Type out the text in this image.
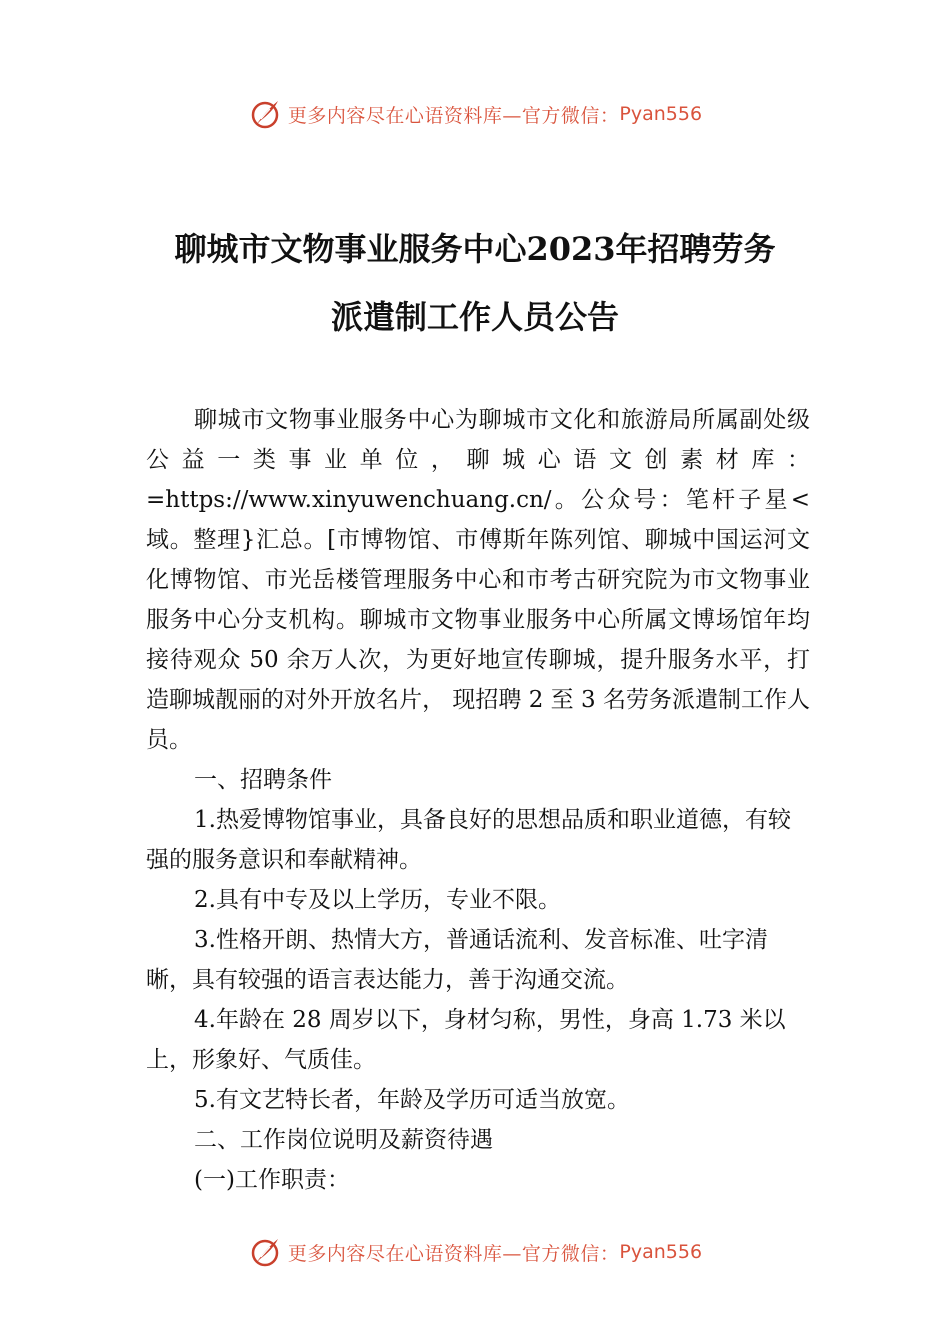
更多内容尽在心语资料库—官方微信： Pyan556
聊城市文物事业服务中心2023年招聘劳务
派遣制工作人员公告

聊城市文物事业服务中心为聊城市文化和旅游局所属副处级公益一类事业单位，聊城心语文创素材库：=https://www.xinyuwenchuang.cn/。公众号：笔杆子星<域。整理}汇总。[市博物馆、市傅斯年陈列馆、聊城中国运河文化博物馆、市光岳楼管理服务中心和市考古研究院为市文物事业服务中心分支机构。聊城市文物事业服务中心所属文博场馆年均接待观众 50 余万人次，为更好地宣传聊城，提升服务水平，打造聊城靓丽的对外开放名片， 现招聘 2 至 3 名劳务派遣制工作人员。

一、招聘条件

1.热爱博物馆事业，具备良好的思想品质和职业道德，有较强的服务意识和奉献精神。

2.具有中专及以上学历，专业不限。

3.性格开朗、热情大方，普通话流利、发音标准、吐字清晰，具有较强的语言表达能力，善于沟通交流。

4.年龄在 28 周岁以下，身材匀称，男性，身高 1.73 米以上，形象好、气质佳。

5.有文艺特长者，年龄及学历可适当放宽。

二、工作岗位说明及薪资待遇

(一)工作职责：

更多内容尽在心语资料库—官方微信： Pyan556
